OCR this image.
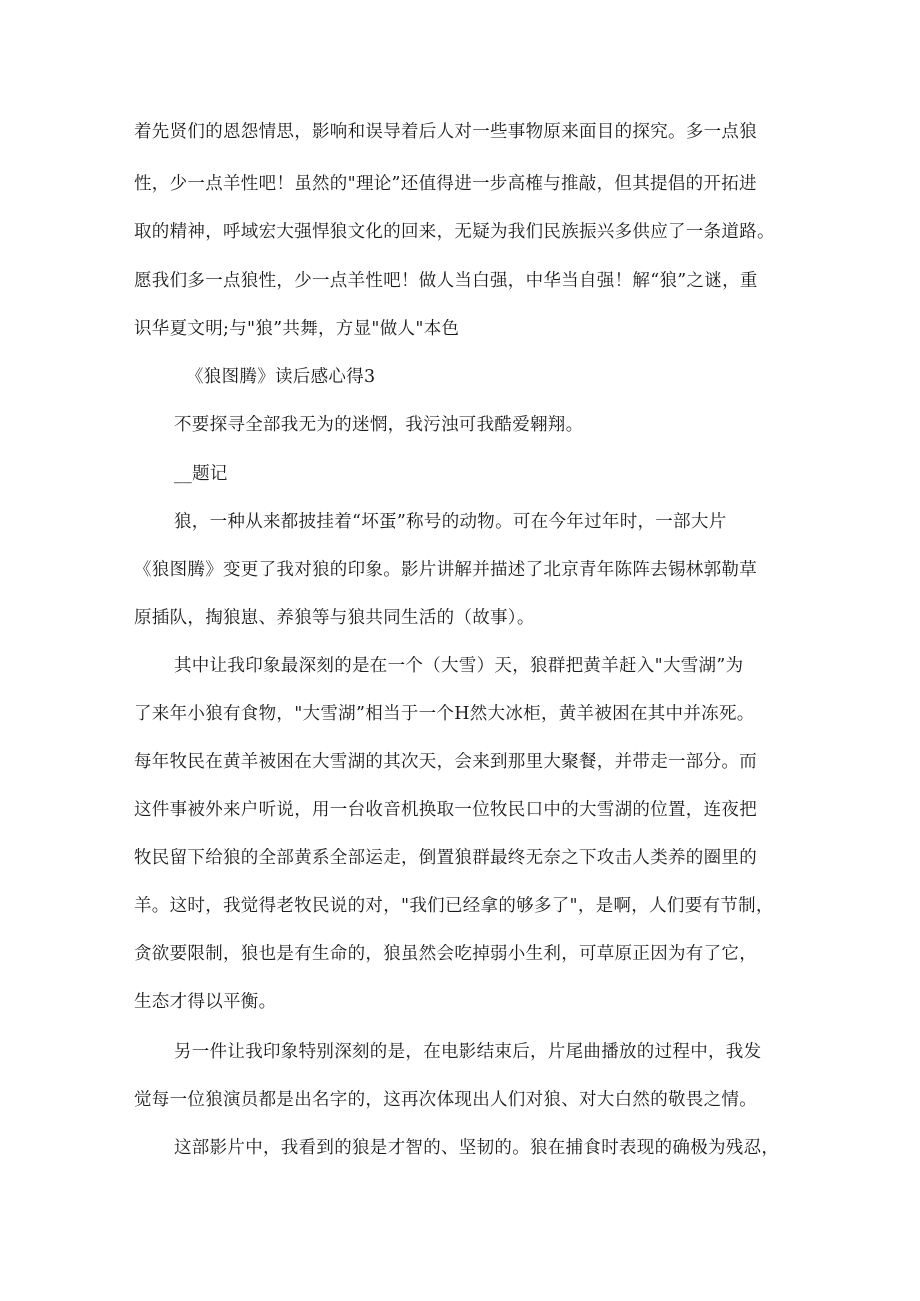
着先贤们的恩怨情思，影响和误导着后人对一些事物原来面目的探究。多一点狼

性，少一点羊性吧！虽然的"理论”还值得进一步高榷与推敲，但其提倡的开拓进

取的精神，呼域宏大强悍狼文化的回来，无疑为我们民族振兴多供应了一条道路。

愿我们多一点狼性，少一点羊性吧！做人当白强，中华当自强！解“狼”之谜，重

识华夏文明;与"狼”共舞，方显"做人"本色

《狼图腾》读后感心得3

不要探寻全部我无为的迷惘，我污浊可我酷爱翱翔。

__题记

狼，一种从来都披挂着“坏蛋”称号的动物。可在今年过年时，一部大片

《狼图腾》变更了我对狼的印象。影片讲解并描述了北京青年陈阵去锡林郭勒草

原插队，掏狼崽、养狼等与狼共同生活的（故事）。

其中让我印象最深刻的是在一个（大雪）天，狼群把黄羊赶入"大雪湖”为

了来年小狼有食物，"大雪湖”相当于一个H然大冰柜，黄羊被困在其中并冻死。

每年牧民在黄羊被困在大雪湖的其次天，会来到那里大聚餐，并带走一部分。而

这件事被外来户听说，用一台收音机换取一位牧民口中的大雪湖的位置，连夜把

牧民留下给狼的全部黄系全部运走，倒置狼群最终无奈之下攻击人类养的圈里的

羊。这时，我觉得老牧民说的对，"我们已经拿的够多了"，是啊，人们要有节制，

贪欲要限制，狼也是有生命的，狼虽然会吃掉弱小生利，可草原正因为有了它，

生态才得以平衡。

另一件让我印象特别深刻的是，在电影结束后，片尾曲播放的过程中，我发

觉每一位狼演员都是出名字的，这再次体现出人们对狼、对大白然的敬畏之情。

这部影片中，我看到的狼是才智的、坚韧的。狼在捕食时表现的确极为残忍，
